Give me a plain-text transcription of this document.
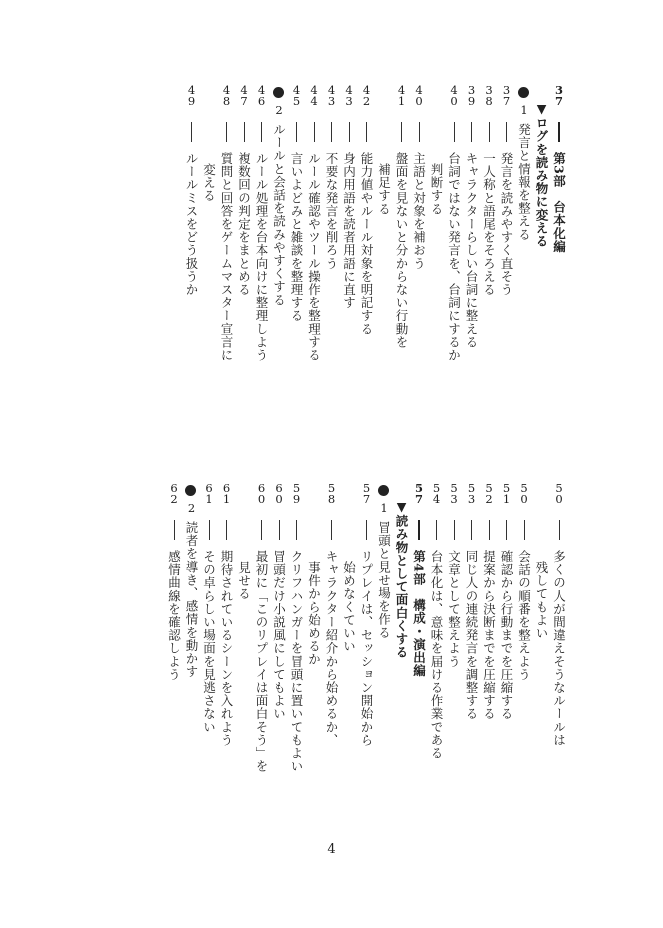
3
7
第3部　台本化編
▼ログを読み物に変える
1
発言と情報を整える
3
7
発言を読みやすく直そう
3
8
一人称と語尾をそろえる
3
9
キャラクターらしい台詞に整える
4
0
台詞ではない発言を、台詞にするか
判断する
4
0
主語と対象を補おう
4
1
盤面を見ないと分からない行動を
補足する
4
2
能力値やルール対象を明記する
4
3
身内用語を読者用語に直す
4
3
不要な発言を削ろう
4
4
ルール確認やツール操作を整理する
4
5
言いよどみと雑談を整理する
2
ルールと会話を読みやすくする
4
6
ルール処理を台本向けに整理しよう
4
7
複数回の判定をまとめる
4
8
質問と回答をゲームマスター宣言に
変える
4
9
ルールミスをどう扱うか
5
0
多くの人が間違えそうなルールは
残してもよい
5
0
会話の順番を整えよう
5
1
確認から行動までを圧縮する
5
2
提案から決断までを圧縮する
5
3
同じ人の連続発言を調整する
5
3
文章として整えよう
5
4
台本化は、意味を届ける作業である
5
7
第4部　構成・演出編
▼読み物として面白くする
1
冒頭と見せ場を作る
5
7
リプレイは、セッション開始から
始めなくていい
5
8
キャラクター紹介から始めるか、
事件から始めるか
5
9
クリフハンガーを冒頭に置いてもよい
6
0
冒頭だけ小説風にしてもよい
6
0
最初に「このリプレイは面白そう」を
見せる
6
1
期待されているシーンを入れよう
6
1
その卓らしい場面を見逃さない
2
読者を導き、感情を動かす
6
2
感情曲線を確認しよう
4
